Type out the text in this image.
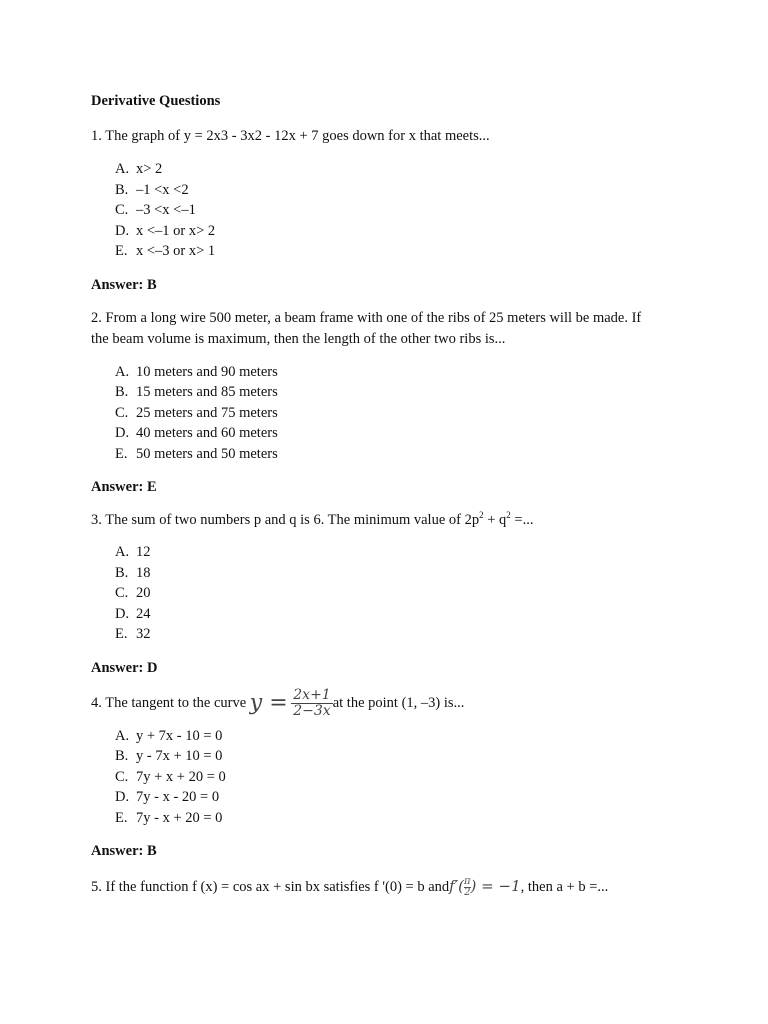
Derivative Questions

1. The graph of y = 2x3 - 3x2 - 12x + 7 goes down for x that meets...

A. x> 2
B. –1 <x <2
C. –3 <x <–1
D. x <–1 or x> 2
E. x <–3 or x> 1

Answer: B

2. From a long wire 500 meter, a beam frame with one of the ribs of 25 meters will be made. If
the beam volume is maximum, then the length of the other two ribs is...

A. 10 meters and 90 meters
B. 15 meters and 85 meters
C. 25 meters and 75 meters
D. 40 meters and 60 meters
E. 50 meters and 50 meters

Answer: E

3. The sum of two numbers p and q is 6. The minimum value of $2p^2 + q^2$ =...

A. 12
B. 18
C. 20
D. 24
E. 32

Answer: D

4. The tangent to the curve $y = \frac{2x+1}{2-3x}$ at the point (1, –3) is...

A. y + 7x - 10 = 0
B. y - 7x + 10 = 0
C. 7y + x + 20 = 0
D. 7y - x - 20 = 0
E. 7y - x + 20 = 0

Answer: B

5. If the function f (x) = cos ax + sin bx satisfies f '(0) = b andf′( $\frac{\pi}{2}$ ) = −1, then a + b =...
